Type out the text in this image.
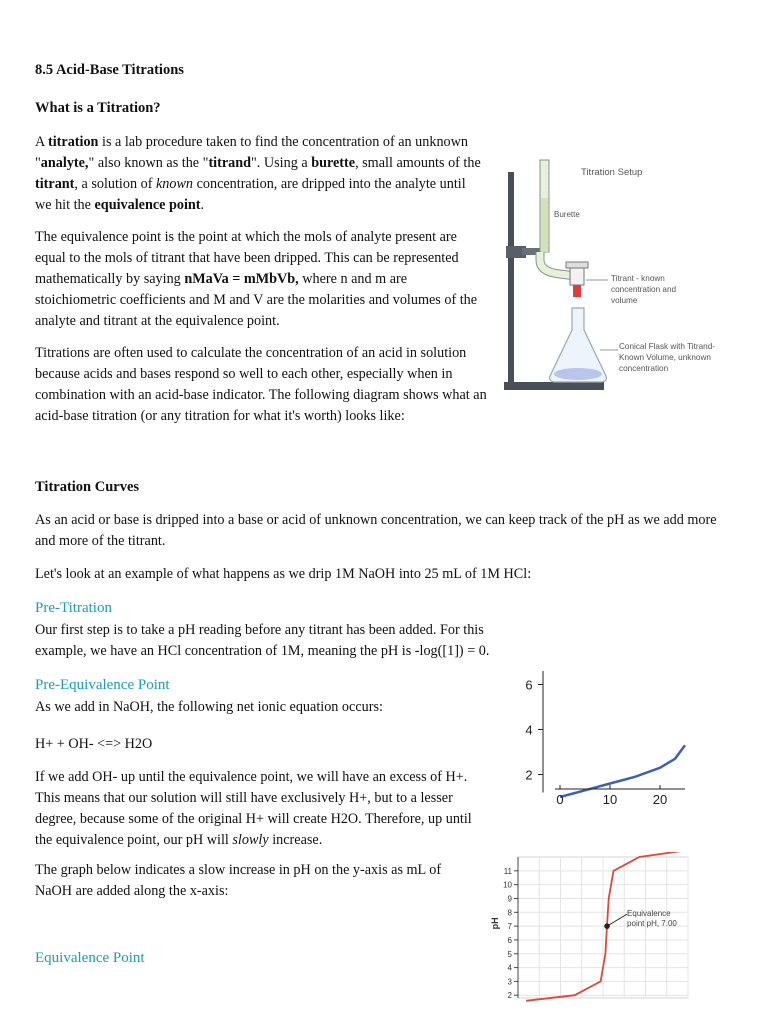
8.5 Acid-Base Titrations
What is a Titration?

A titration is a lab procedure taken to find the concentration of an unknown "analyte," also known as the "titrand". Using a burette, small amounts of the titrant, a solution of known concentration, are dripped into the analyte until we hit the equivalence point.

The equivalence point is the point at which the mols of analyte present are equal to the mols of titrant that have been dripped. This can be represented mathematically by saying nMaVa = mMbVb, where n and m are stoichiometric coefficients and M and V are the molarities and volumes of the analyte and titrant at the equivalence point.

Titrations are often used to calculate the concentration of an acid in solution because acids and bases respond so well to each other, especially when in combination with an acid-base indicator. The following diagram shows what an acid-base titration (or any titration for what it's worth) looks like:

Titration Setup
Burette
Titrant - known concentration and volume
Conical Flask with Titrand- Known Volume, unknown concentration
Titration Curves

As an acid or base is dripped into a base or acid of unknown concentration, we can keep track of the pH as we add more and more of the titrant.

Let's look at an example of what happens as we drip 1M NaOH into 25 mL of 1M HCl:

Pre-Titration

Our first step is to take a pH reading before any titrant has been added. For this example, we have an HCl concentration of 1M, meaning the pH is -log([1]) = 0.

Pre-Equivalence Point

As we add in NaOH, the following net ionic equation occurs:

H+ + OH- <=> H2O

If we add OH- up until the equivalence point, we will have an excess of H+. This means that our solution will still have exclusively H+, but to a lesser degree, because some of the original H+ will create H2O. Therefore, up until the equivalence point, our pH will slowly increase.

The graph below indicates a slow increase in pH on the y-axis as mL of NaOH are added along the x-axis:

Equivalence Point
2
4
6
0	10	20
2
3
4
5
6
7
8
9
10
11
pH
Equivalence point pH, 7.00
